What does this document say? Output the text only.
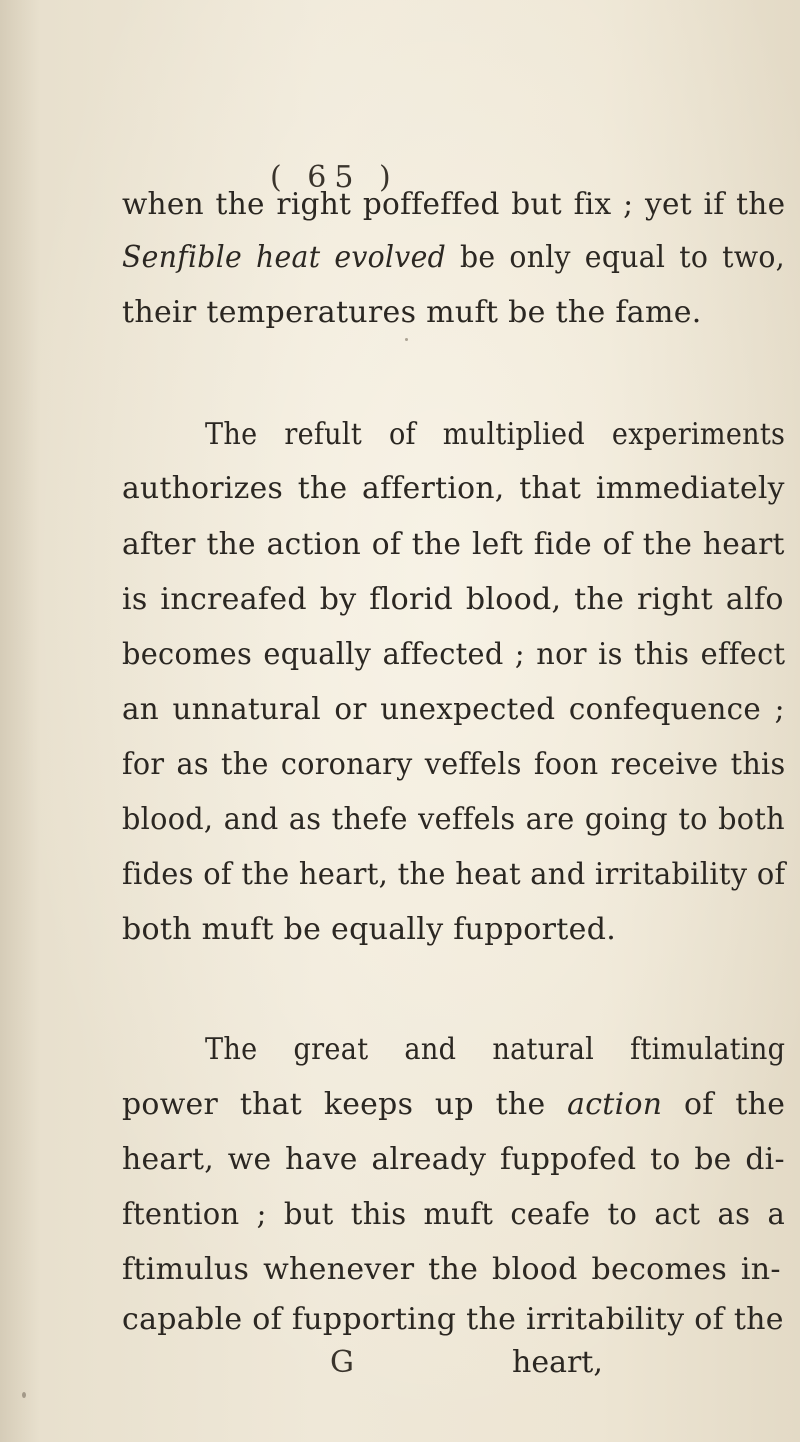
( 65 )
when the right poffeffed but fix ; yet if the
Senfible heat evolved be only equal to two,
their temperatures muft be the fame.
The refult of multiplied experiments
authorizes the affertion, that immediately
after the action of the left fide of the heart
is increafed by florid blood, the right alfo
becomes equally affected ; nor is this effect
an unnatural or unexpected confequence ;
for as the coronary veffels foon receive this
blood, and as thefe veffels are going to both
fides of the heart, the heat and irritability of
both muft be equally fupported.
The great and natural ftimulating
power that keeps up the action of the
heart, we have already fuppofed to be di-
ftention ; but this muft ceafe to act as a
ftimulus whenever the blood becomes in-
capable of fupporting the irritability of the
G	heart,
